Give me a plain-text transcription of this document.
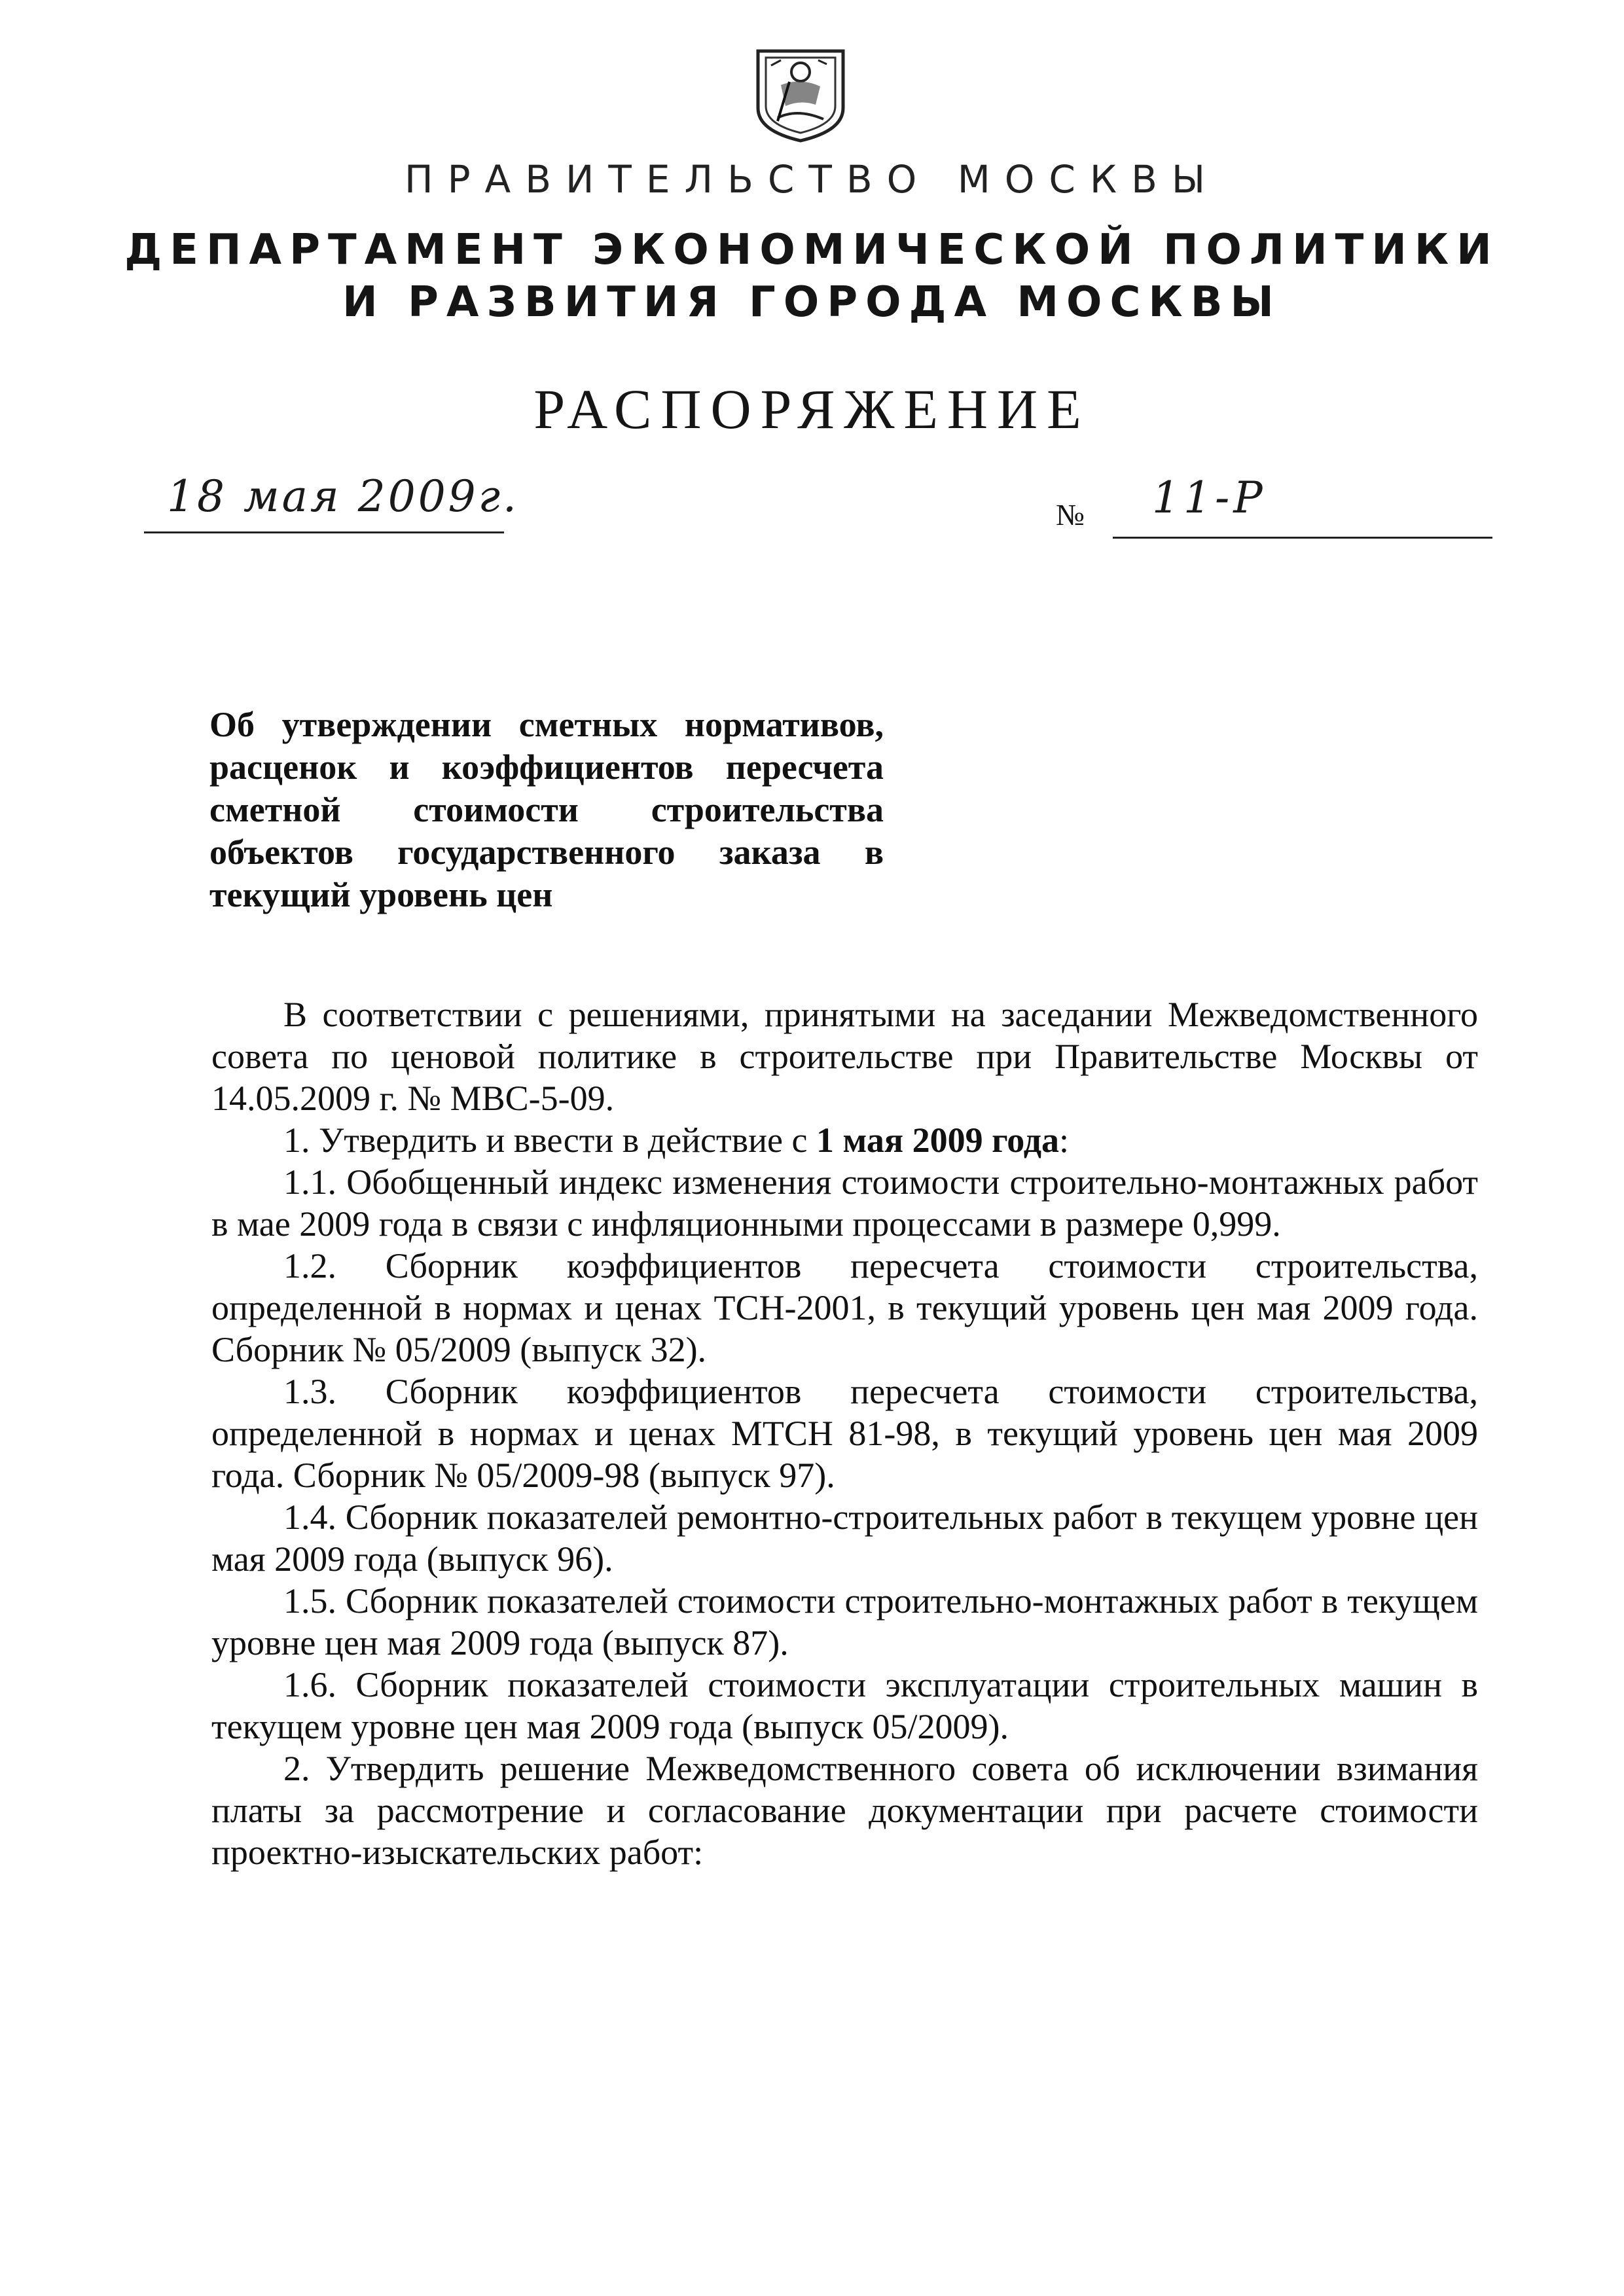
ПРАВИТЕЛЬСТВО МОСКВЫ
ДЕПАРТАМЕНТ ЭКОНОМИЧЕСКОЙ ПОЛИТИКИ
И РАЗВИТИЯ ГОРОДА МОСКВЫ
РАСПОРЯЖЕНИЕ
18 мая 2009г.	№ 11-Р
Об утверждении сметных нормативов, расценок и коэффициентов пересчета сметной стоимости строительства объектов государственного заказа в текущий уровень цен

В соответствии с решениями, принятыми на заседании Межведомственного совета по ценовой политике в строительстве при Правительстве Москвы от 14.05.2009 г. № МВС-5-09.

1. Утвердить и ввести в действие с 1 мая 2009 года:

1.1. Обобщенный индекс изменения стоимости строительно-монтажных работ в мае 2009 года в связи с инфляционными процессами в размере 0,999.

1.2. Сборник коэффициентов пересчета стоимости строительства, определенной в нормах и ценах ТСН-2001, в текущий уровень цен мая 2009 года. Сборник № 05/2009 (выпуск 32).

1.3. Сборник коэффициентов пересчета стоимости строительства, определенной в нормах и ценах МТСН 81-98, в текущий уровень цен мая 2009 года. Сборник № 05/2009-98 (выпуск 97).

1.4. Сборник показателей ремонтно-строительных работ в текущем уровне цен мая 2009 года (выпуск 96).

1.5. Сборник показателей стоимости строительно-монтажных работ в текущем уровне цен мая 2009 года (выпуск 87).

1.6. Сборник показателей стоимости эксплуатации строительных машин в текущем уровне цен мая 2009 года (выпуск 05/2009).

2. Утвердить решение Межведомственного совета об исключении взимания платы за рассмотрение и согласование документации при расчете стоимости проектно-изыскательских работ:
